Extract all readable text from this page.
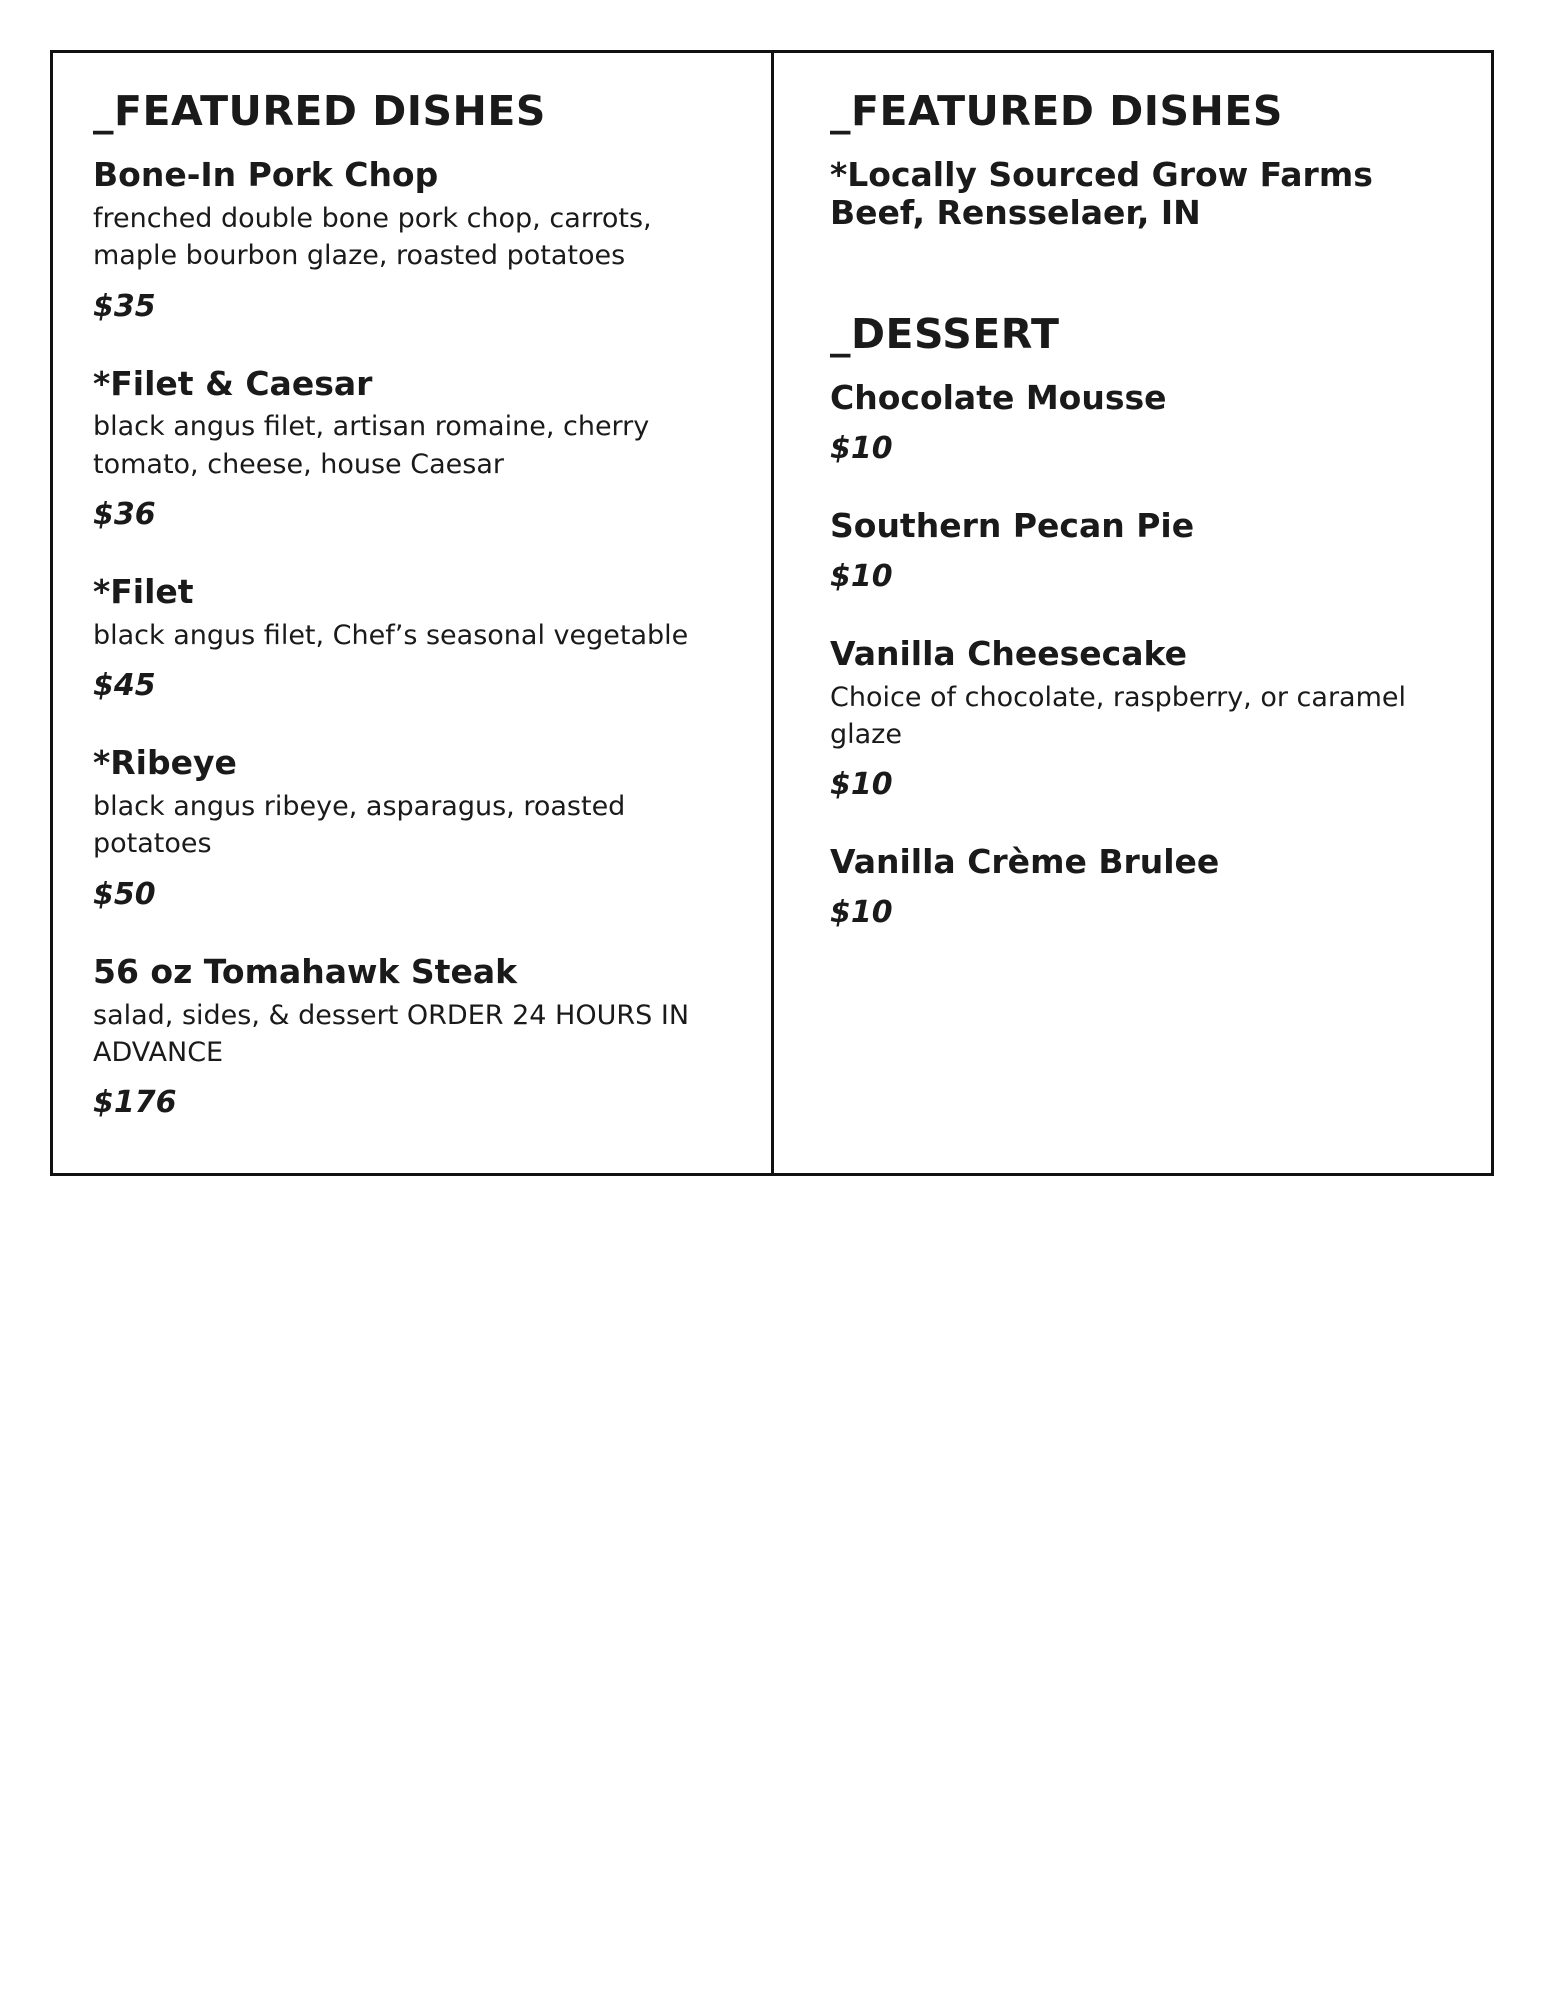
_FEATURED DISHES
Bone-In Pork Chop
frenched double bone pork chop, carrots, maple bourbon glaze, roasted potatoes
$35
*Filet & Caesar
black angus filet, artisan romaine, cherry tomato, cheese, house Caesar
$36
*Filet
black angus filet, Chef’s seasonal vegetable
$45
*Ribeye
black angus ribeye, asparagus, roasted potatoes
$50
56 oz Tomahawk Steak
salad, sides, & dessert ORDER 24 HOURS IN ADVANCE
$176
_FEATURED DISHES
*Locally Sourced Grow Farms Beef, Rensselaer, IN
_DESSERT
Chocolate Mousse
$10
Southern Pecan Pie
$10
Vanilla Cheesecake
Choice of chocolate, raspberry, or caramel glaze
$10
Vanilla Crème Brulee
$10
